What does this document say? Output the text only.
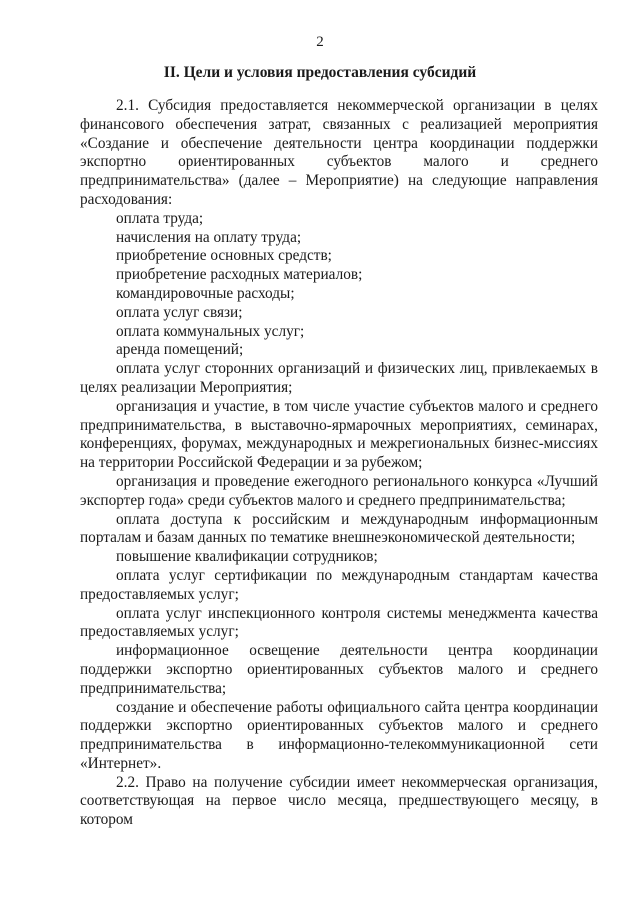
2
II. Цели и условия предоставления субсидий

2.1. Субсидия предоставляется некоммерческой организации в целях финансового обеспечения затрат, связанных с реализацией мероприятия «Создание и обеспечение деятельности центра координации поддержки экспортно ориентированных субъектов малого и среднего предпринимательства» (далее – Мероприятие) на следующие направления расходования:

оплата труда;

начисления на оплату труда;

приобретение основных средств;

приобретение расходных материалов;

командировочные расходы;

оплата услуг связи;

оплата коммунальных услуг;

аренда помещений;

оплата услуг сторонних организаций и физических лиц, привлекаемых в целях реализации Мероприятия;

организация и участие, в том числе участие субъектов малого и среднего предпринимательства, в выставочно-ярмарочных мероприятиях, семинарах, конференциях, форумах, международных и межрегиональных бизнес-миссиях на территории Российской Федерации и за рубежом;

организация и проведение ежегодного регионального конкурса «Лучший экспортер года» среди субъектов малого и среднего предпринимательства;

оплата доступа к российским и международным информационным порталам и базам данных по тематике внешнеэкономической деятельности;

повышение квалификации сотрудников;

оплата услуг сертификации по международным стандартам качества предоставляемых услуг;

оплата услуг инспекционного контроля системы менеджмента качества предоставляемых услуг;

информационное освещение деятельности центра координации поддержки экспортно ориентированных субъектов малого и среднего предпринимательства;

создание и обеспечение работы официального сайта центра координации поддержки экспортно ориентированных субъектов малого и среднего предпринимательства в информационно-телекоммуникационной сети «Интернет».

2.2. Право на получение субсидии имеет некоммерческая организация, соответствующая на первое число месяца, предшествующего месяцу, в котором
